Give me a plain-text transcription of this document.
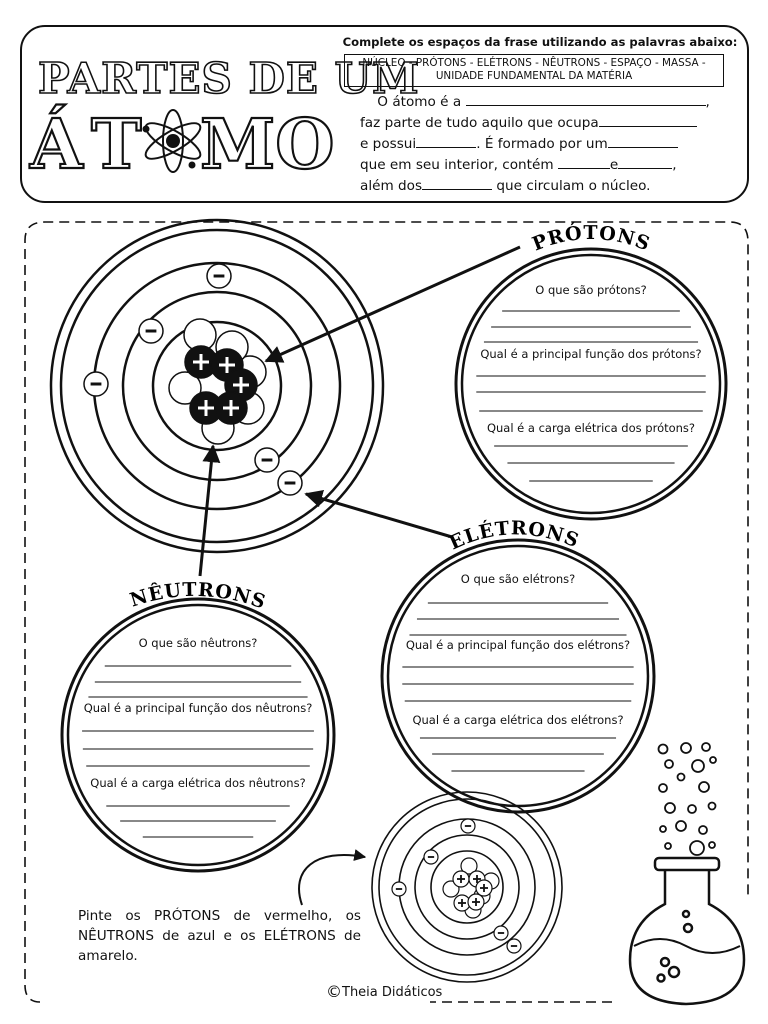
PARTES DE UM
Á T MO
PRÓTONS
ELÉTRONS
NÊUTRONS
Complete os espaços da frase utilizando as palavras abaixo:
NÚCLEO - PRÓTONS - ELÉTRONS - NÊUTRONS - ESPAÇO - MASSA -
UNIDADE FUNDAMENTAL DA MATÉRIA

O átomo é a	,

faz parte de tudo aquilo que ocupa

e possui	. É formado por um

que em seu interior, contém	e	,

além dos	que circulam o núcleo.

O que são prótons?
Qual é a principal função dos prótons?
Qual é a carga elétrica dos prótons?
O que são elétrons?
Qual é a principal função dos elétrons?
Qual é a carga elétrica dos elétrons?
O que são nêutrons?
Qual é a principal função dos nêutrons?
Qual é a carga elétrica dos nêutrons?
Pinte os PRÓTONS de vermelho, os NÊUTRONS de azul e os ELÉTRONS de amarelo.
©Theia Didáticos
